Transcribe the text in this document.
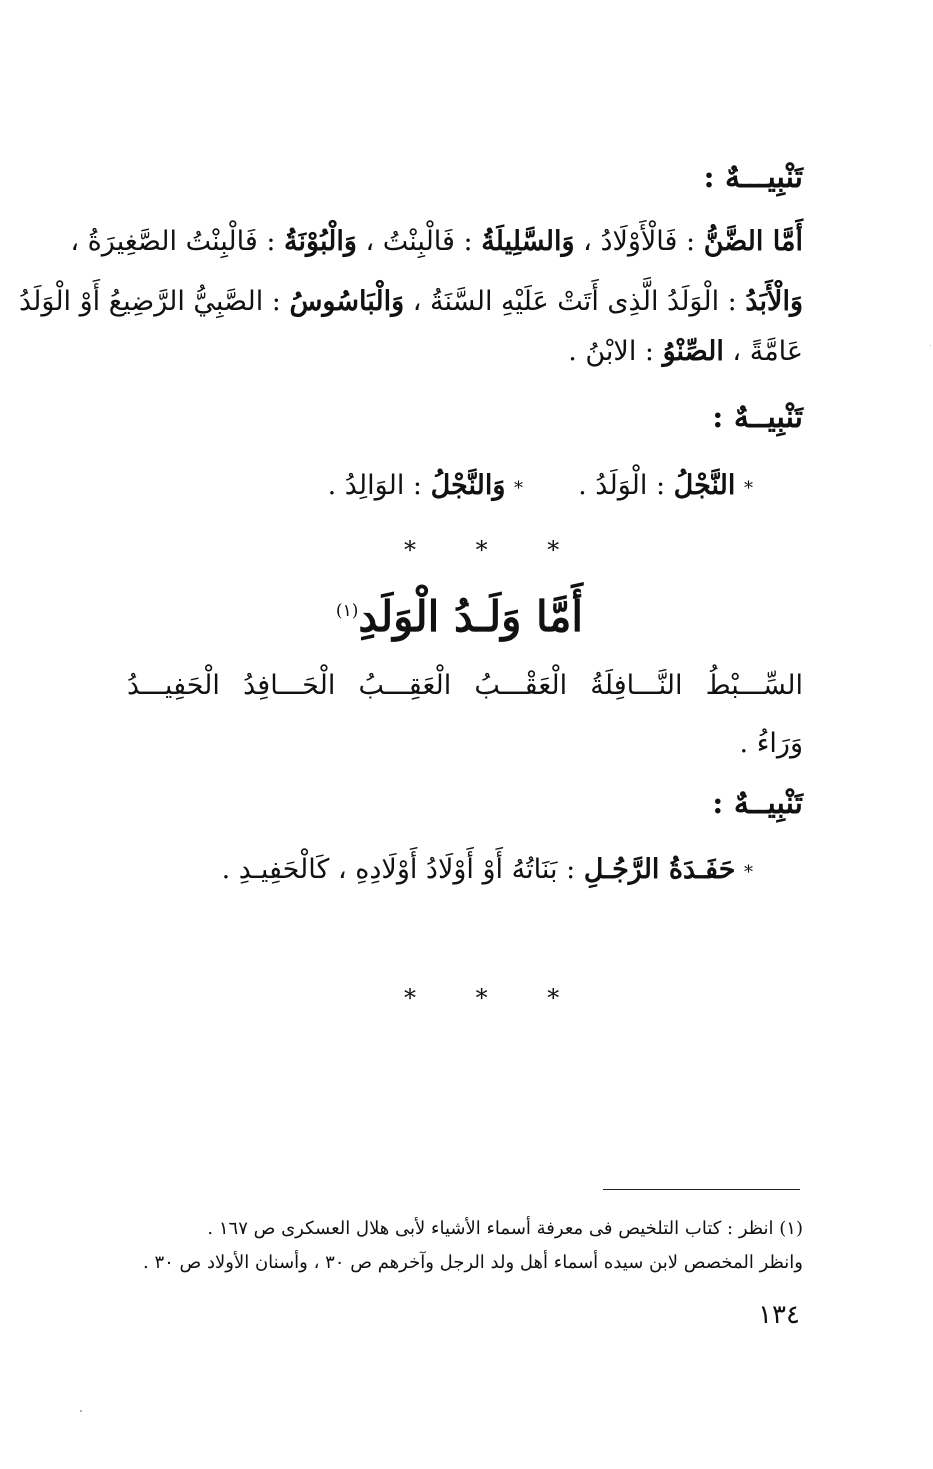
تَنْبِيـــهٌ :
أَمَّا الضَّنُّ : فَالْأَوْلَادُ ، وَالسَّلِيلَةُ : فَالْبِنْتُ ، وَالْبُوْنَةُ : فَالْبِنْتُ الصَّغِيرَةُ ،
وَالْأَبَدُ : الْوَلَدُ الَّذِى أَتَتْ عَلَيْهِ السَّنَةُ ، وَالْبَاسُوسُ : الصَّبِيُّ الرَّضِيعُ أَوْ الْوَلَدُ
عَامَّةً ، الصِّنْوُ : الابْنُ .
تَنْبِيــهٌ :
* النَّجْلُ : الْوَلَدُ .
* وَالنَّجْلُ : الوَالِدُ .
* * *
أَمَّا وَلَـدُ الْوَلَدِ$^{(١)}$
السِّـــبْطُ
النَّـــافِلَةُ
الْعَقْـــبُ
الْعَقِـــبُ
الْحَـــافِدُ
الْحَفِيـــدُ
وَرَاءُ .
تَنْبِيــهٌ :
* حَفَـدَةُ الرَّجُـلِ : بَنَاتُهُ أَوْ أَوْلَادُ أَوْلَادِهِ ، كَالْحَفِيـدِ .
* * *
(١) انظر : كتاب التلخيص فى معرفة أسماء الأشياء لأبى هلال العسكرى ص ١٦٧ .
وانظر المخصص لابن سيده أسماء أهل ولد الرجل وآخرهم ص ٣٠ ، وأسنان الأولاد ص ٣٠ .
١٣٤
